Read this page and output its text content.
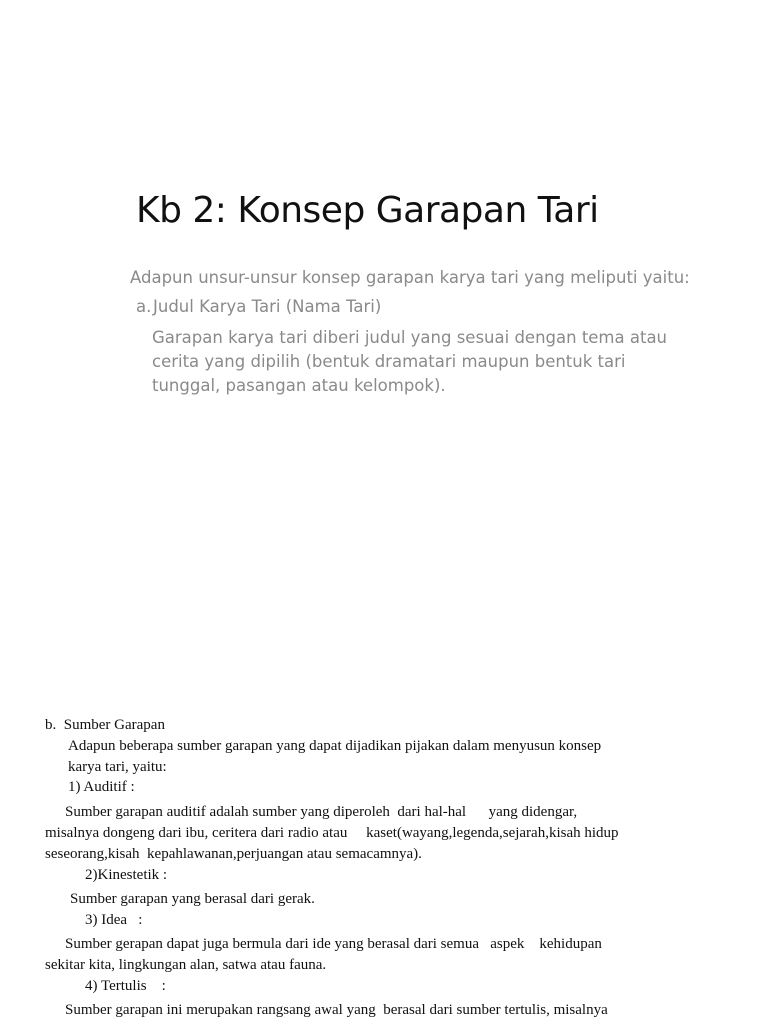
Kb 2: Konsep Garapan Tari
Adapun unsur-unsur konsep garapan karya tari yang meliputi yaitu:
a.Judul Karya Tari (Nama Tari)
Garapan karya tari diberi judul yang sesuai dengan tema atau
cerita yang dipilih (bentuk dramatari maupun bentuk tari
tunggal, pasangan atau kelompok).
b.  Sumber Garapan
Adapun beberapa sumber garapan yang dapat dijadikan pijakan dalam menyusun konsep
karya tari, yaitu:
1) Auditif :
Sumber garapan auditif adalah sumber yang diperoleh  dari hal-hal      yang didengar,
misalnya dongeng dari ibu, ceritera dari radio atau     kaset(wayang,legenda,sejarah,kisah hidup
seseorang,kisah  kepahlawanan,perjuangan atau semacamnya).
2)Kinestetik :
Sumber garapan yang berasal dari gerak.
3) Idea   :
Sumber gerapan dapat juga bermula dari ide yang berasal dari semua   aspek    kehidupan
sekitar kita, lingkungan alan, satwa atau fauna.
4) Tertulis    :
Sumber garapan ini merupakan rangsang awal yang  berasal dari sumber tertulis, misalnya
